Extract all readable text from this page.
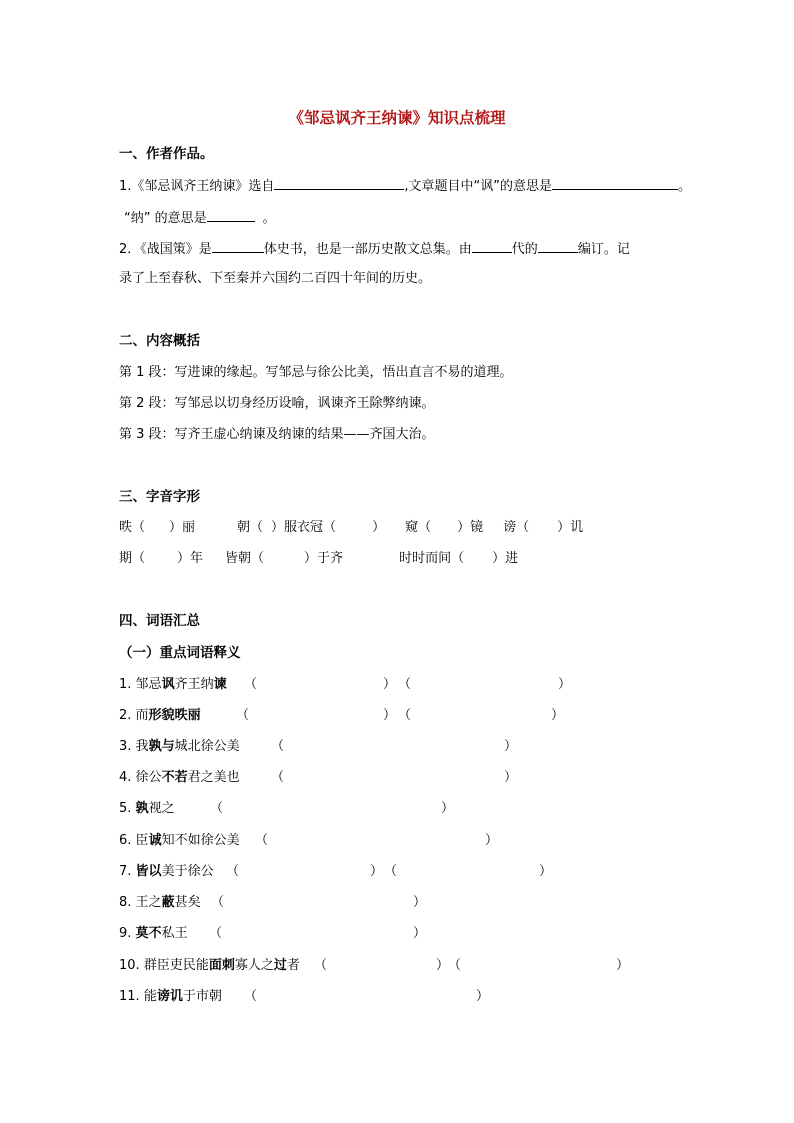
《邹忌讽齐王纳谏》知识点梳理
一、作者作品。
1.《邹忌讽齐王纳谏》选自	,文章题目中“讽”的意思是	。
“纳” 的意思是	。
2．《战国策》是	体史书，也是一部历史散文总集。由	代的	编订。记
录了上至春秋、下至秦并六国约二百四十年间的历史。
二、内容概括
第 1 段：写进谏的缘起。写邹忌与徐公比美，悟出直言不易的道理。
第 2 段：写邹忌以切身经历设喻，讽谏齐王除弊纳谏。
第 3 段：写齐王虚心纳谏及纳谏的结果——齐国大治。
三、字音字形
昳（ ）丽	朝（ ）服衣冠（	） 窥（ ）镜 谤（ ）讥
期（ ）年 皆朝（	）于齐	时时而间（ ）进
四、词语汇总
（一）重点词语释义
1. 邹忌讽齐王纳谏 （	） （	）
2. 而形貌昳丽	（	） （	）
3. 我孰与城北徐公美 （	）
4. 徐公不若君之美也 （	）
5. 孰视之	（	）
6. 臣诚知不如徐公美 （	）
7. 皆以美于徐公 （	） （	）
8. 王之蔽甚矣 （	）
9. 莫不私王 （	）
10. 群臣吏民能面刺寡人之过者 （	）
（	）
11. 能谤讥于市朝 （	）
